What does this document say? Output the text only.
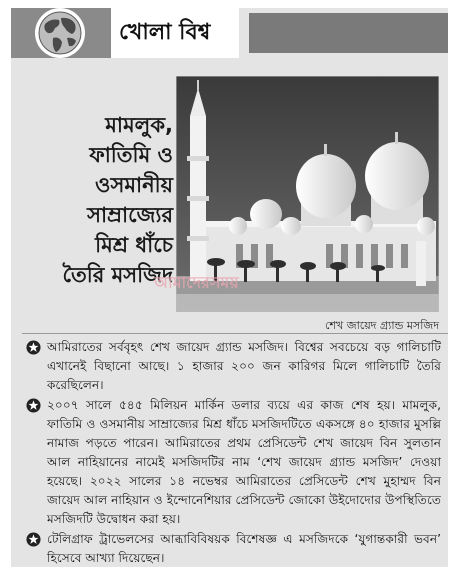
খোলা বিশ্ব
মামলুক,
ফাতিমি ও
ওসমানীয়
সাম্রাজ্যের
মিশ্র ধাঁচে
তৈরি মসজিদ
আমাদেরসময়
শেখ জায়েদ গ্র্যান্ড মসজিদ
আমিরাতের সর্ববৃহৎ শেখ জায়েদ গ্র্যান্ড মসজিদ। বিশ্বের সবচেয়ে বড় গালিচাটি এখানেই বিছানো আছে। ১ হাজার ২০০ জন কারিগর মিলে গালিচাটি তৈরি করেছিলেন।
২০০৭ সালে ৫৪৫ মিলিয়ন মার্কিন ডলার ব্যয়ে এর কাজ শেষ হয়। মামলুক, ফাতিমি ও ওসমানীয় সাম্রাজ্যের মিশ্র ধাঁচে মসজিদটিতে একসঙ্গে ৪০ হাজার মুসল্লি নামাজ পড়তে পারেন। আমিরাতের প্রথম প্রেসিডেন্ট শেখ জায়েদ বিন সুলতান আল নাহিয়ানের নামেই মসজিদটির নাম ‘শেখ জায়েদ গ্র্যান্ড মসজিদ’ দেওয়া হয়েছে। ২০২২ সালের ১৪ নভেম্বর আমিরাতের প্রেসিডেন্ট শেখ মুহাম্মদ বিন জায়েদ আল নাহিয়ান ও ইন্দোনেশিয়ার প্রেসিডেন্ট জোকো উইদোদোর উপস্থিতিতে মসজিদটি উদ্বোধন করা হয়।
টেলিগ্রাফ ট্রাভেলসের আব্ধাবিবিষয়ক বিশেষজ্ঞ এ মসজিদকে ‘যুগান্তকারী ভবন’ হিসেবে আখ্যা দিয়েছেন।
